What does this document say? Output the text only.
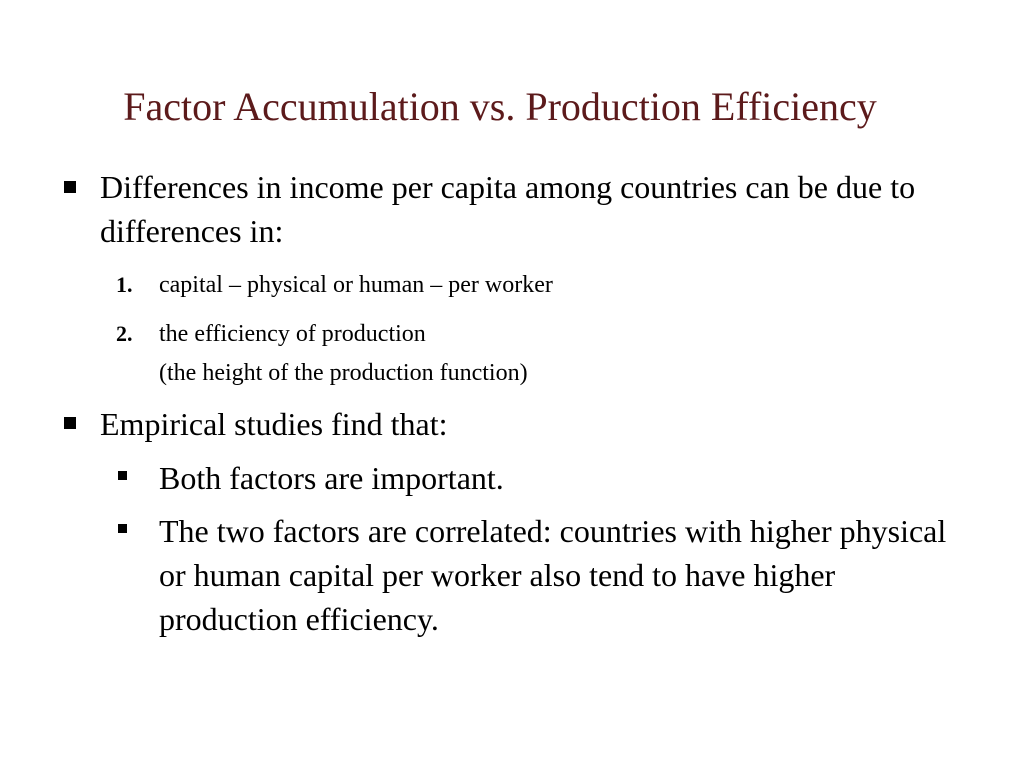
Factor Accumulation vs. Production Efficiency

Differences in income per capita among countries can be due to differences in:

1. capital – physical or human – per worker

2. the efficiency of production

(the height of the production function)

Empirical studies find that:

Both factors are important.

The two factors are correlated: countries with higher physical or human capital per worker also tend to have higher production efficiency.
